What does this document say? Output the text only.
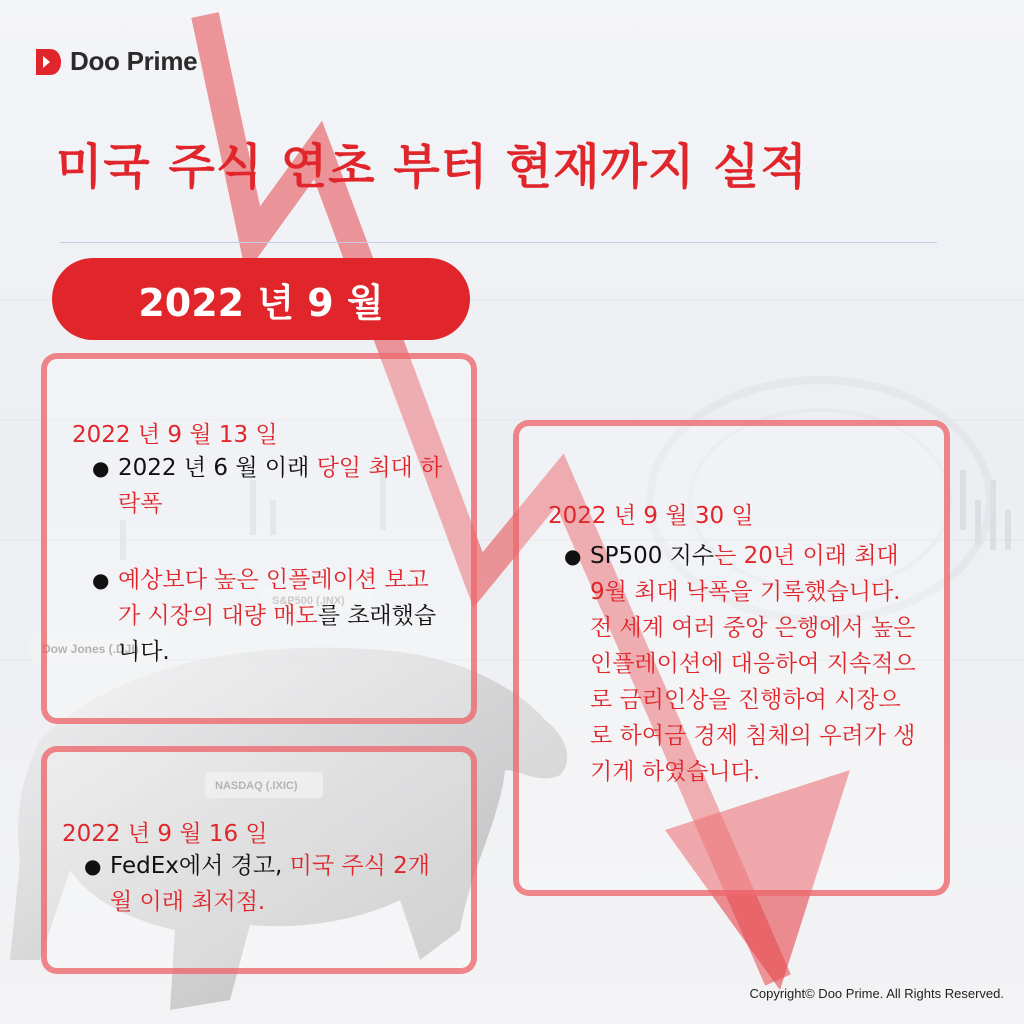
Dow Jones (.DJI)
S&P500 (.INX)
NASDAQ (.IXIC)
Doo Prime
미국 주식 연초 부터 현재까지 실적
2022 년 9 월
2022 년 9 월 13 일
● 2022 년 6 월 이래 당일 최대 하락폭
● 예상보다 높은 인플레이션 보고가 시장의 대량 매도를 초래했습니다.
2022 년 9 월 16 일
● FedEx에서 경고, 미국 주식 2개월 이래 최저점.
2022 년 9 월 30 일
● SP500 지수는 20년 이래 최대 9월 최대 낙폭을 기록했습니다. 전 세계 여러 중앙 은행에서 높은 인플레이션에 대응하여 지속적으로 금리인상을 진행하여 시장으로 하여금 경제 침체의 우려가 생기게 하였습니다.
Copyright© Doo Prime. All Rights Reserved.
